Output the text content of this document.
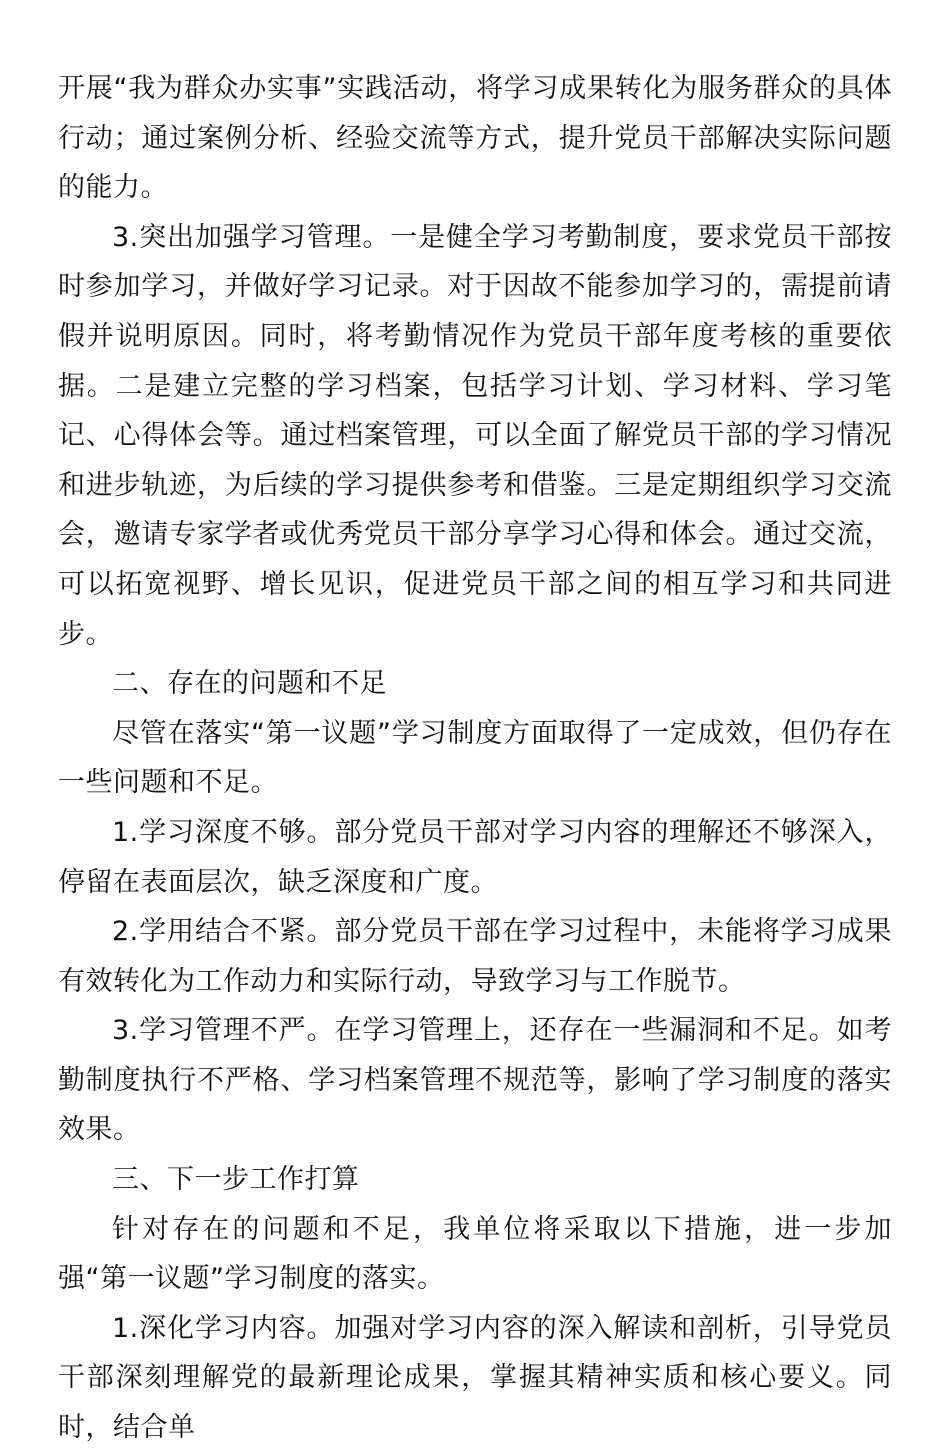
开展“我为群众办实事”实践活动，将学习成果转化为服务群众的具体行动；通过案例分析、经验交流等方式，提升党员干部解决实际问题的能力。

3.突出加强学习管理。一是健全学习考勤制度，要求党员干部按时参加学习，并做好学习记录。对于因故不能参加学习的，需提前请假并说明原因。同时，将考勤情况作为党员干部年度考核的重要依据。二是建立完整的学习档案，包括学习计划、学习材料、学习笔记、心得体会等。通过档案管理，可以全面了解党员干部的学习情况和进步轨迹，为后续的学习提供参考和借鉴。三是定期组织学习交流会，邀请专家学者或优秀党员干部分享学习心得和体会。通过交流，可以拓宽视野、增长见识，促进党员干部之间的相互学习和共同进步。

二、存在的问题和不足

尽管在落实“第一议题”学习制度方面取得了一定成效，但仍存在一些问题和不足。

1.学习深度不够。部分党员干部对学习内容的理解还不够深入，停留在表面层次，缺乏深度和广度。

2.学用结合不紧。部分党员干部在学习过程中，未能将学习成果有效转化为工作动力和实际行动，导致学习与工作脱节。

3.学习管理不严。在学习管理上，还存在一些漏洞和不足。如考勤制度执行不严格、学习档案管理不规范等，影响了学习制度的落实效果。

三、下一步工作打算

针对存在的问题和不足，我单位将采取以下措施，进一步加强“第一议题”学习制度的落实。

1.深化学习内容。加强对学习内容的深入解读和剖析，引导党员干部深刻理解党的最新理论成果，掌握其精神实质和核心要义。同时，结合单
